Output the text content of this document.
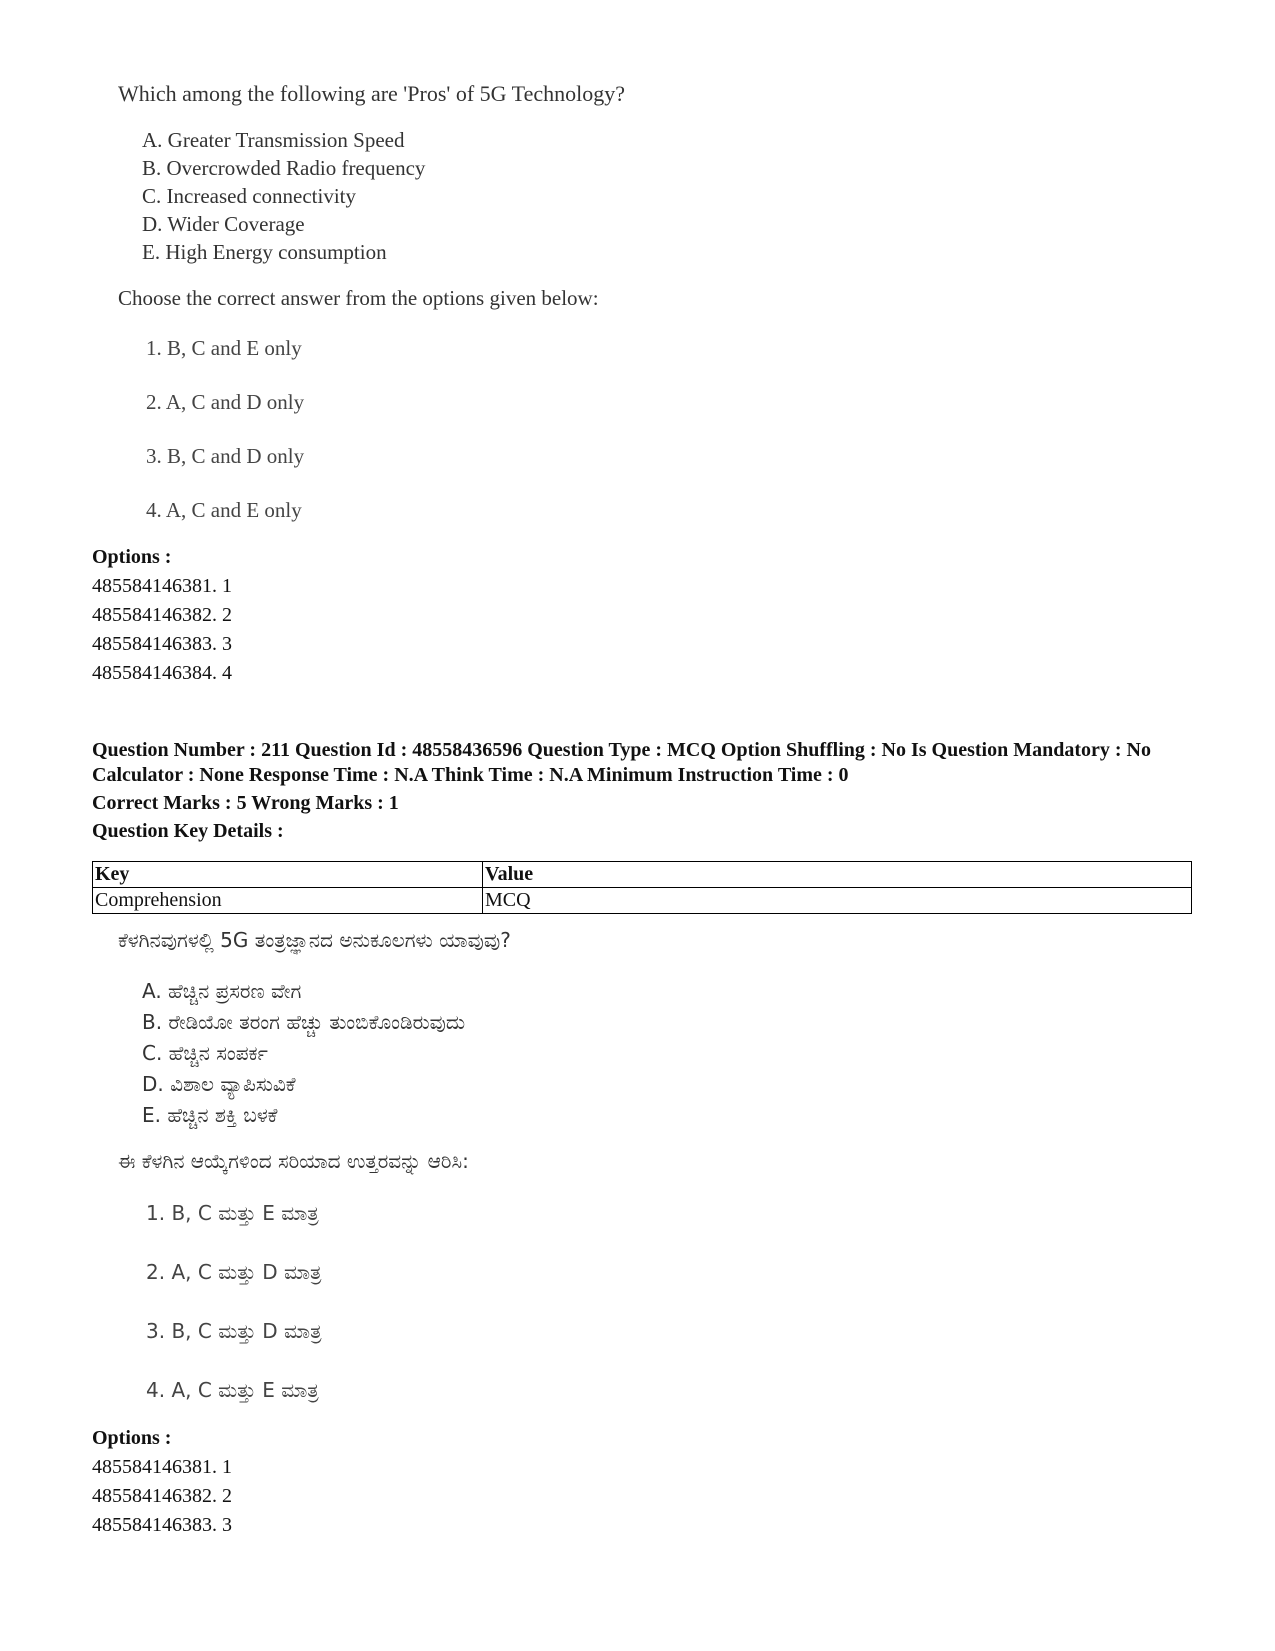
Which among the following are 'Pros' of 5G Technology?
A. Greater Transmission Speed
B. Overcrowded Radio frequency
C. Increased connectivity
D. Wider Coverage
E. High Energy consumption
Choose the correct answer from the options given below:
1. B, C and E only
2. A, C and D only
3. B, C and D only
4. A, C and E only
Options :
485584146381. 1
485584146382. 2
485584146383. 3
485584146384. 4
Question Number : 211 Question Id : 48558436596 Question Type : MCQ Option Shuffling : No Is Question Mandatory : No Calculator : None Response Time : N.A Think Time : N.A Minimum Instruction Time : 0
Correct Marks : 5 Wrong Marks : 1
Question Key Details :
Key	Value
Comprehension	MCQ
ಕೆಳಗಿನವುಗಳಲ್ಲಿ 5G ತಂತ್ರಜ್ಞಾನದ ಅನುಕೂಲಗಳು ಯಾವುವು?
A. ಹೆಚ್ಚಿನ ಪ್ರಸರಣ ವೇಗ
B. ರೇಡಿಯೋ ತರಂಗ ಹೆಚ್ಚು ತುಂಬಿಕೊಂಡಿರುವುದು
C. ಹೆಚ್ಚಿನ ಸಂಪರ್ಕ
D. ವಿಶಾಲ ವ್ಯಾಪಿಸುವಿಕೆ
E. ಹೆಚ್ಚಿನ ಶಕ್ತಿ ಬಳಕೆ
ಈ ಕೆಳಗಿನ ಆಯ್ಕೆಗಳಿಂದ ಸರಿಯಾದ ಉತ್ತರವನ್ನು ಆರಿಸಿ:
1. B, C ಮತ್ತು E ಮಾತ್ರ
2. A, C ಮತ್ತು D ಮಾತ್ರ
3. B, C ಮತ್ತು D ಮಾತ್ರ
4. A, C ಮತ್ತು E ಮಾತ್ರ
Options :
485584146381. 1
485584146382. 2
485584146383. 3
